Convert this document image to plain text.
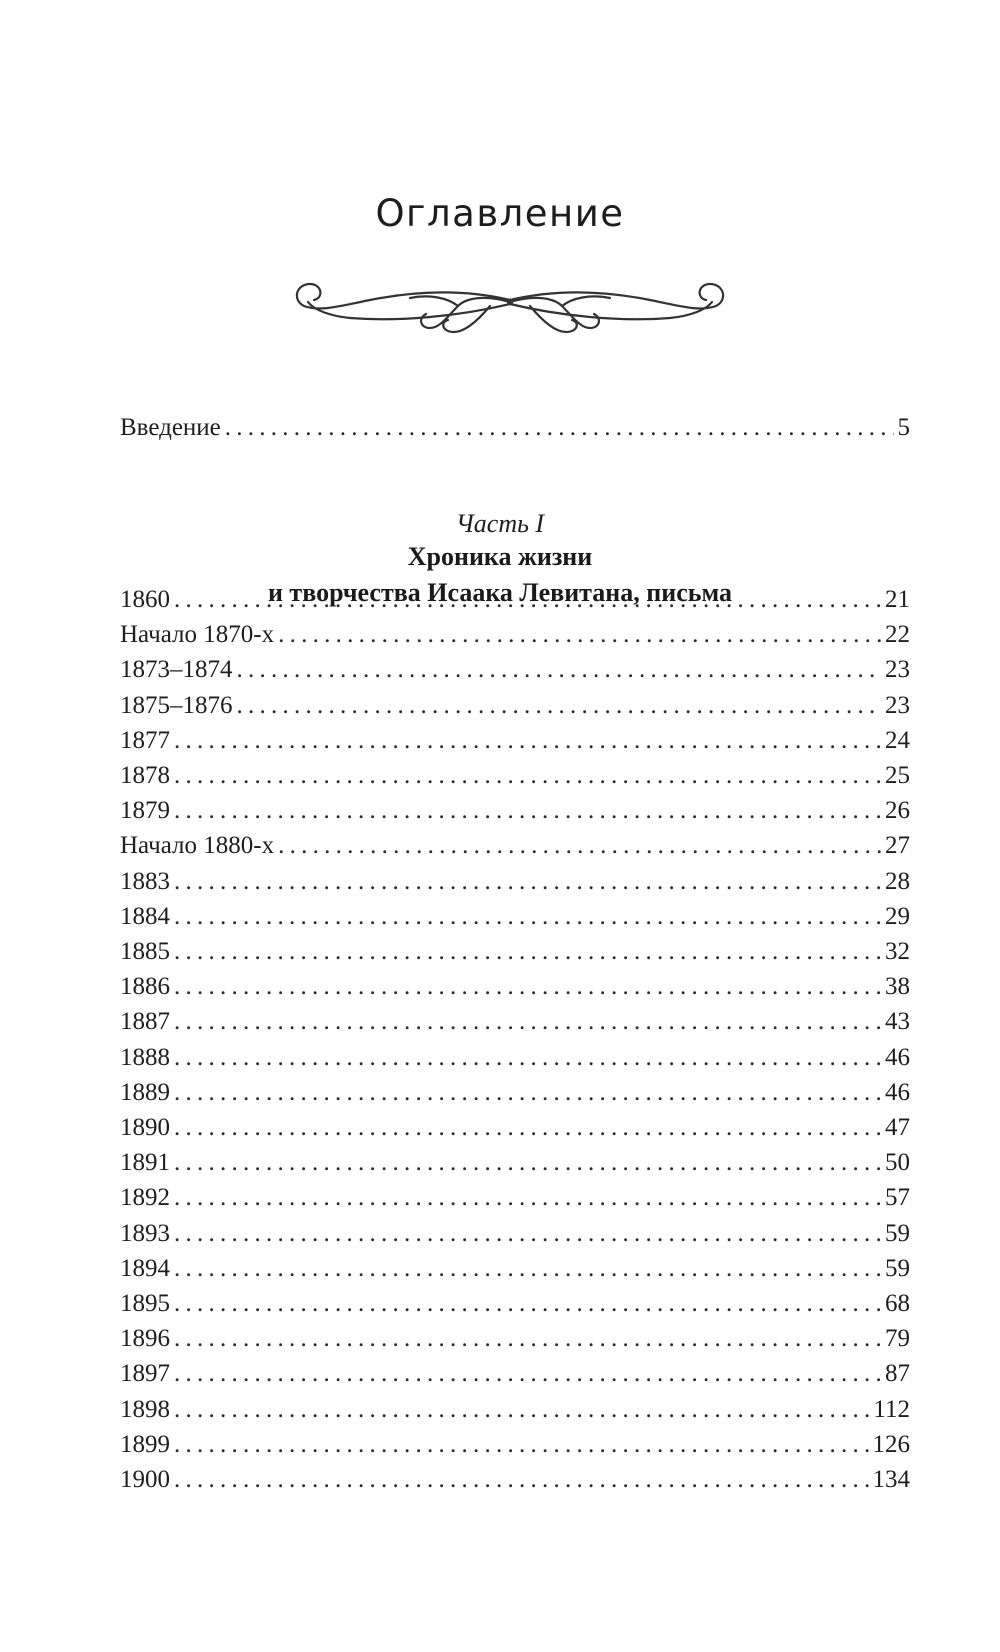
Оглавление
Введение . . .	5
Часть I
Хроника жизни
и творчества Исаака Левитана, письма
1860 . . .	21
Начало 1870-х . . .	22
1873–1874 . . .	23
1875–1876 . . .	23
1877 . . .	24
1878 . . .	25
1879 . . .	26
Начало 1880-х . . .	27
1883 . . .	28
1884 . . .	29
1885 . . .	32
1886 . . .	38
1887 . . .	43
1888 . . .	46
1889 . . .	46
1890 . . .	47
1891 . . .	50
1892 . . .	57
1893 . . .	59
1894 . . .	59
1895 . . .	68
1896 . . .	79
1897 . . .	87
1898 . . .	112
1899 . . .	126
1900 . . .	134
